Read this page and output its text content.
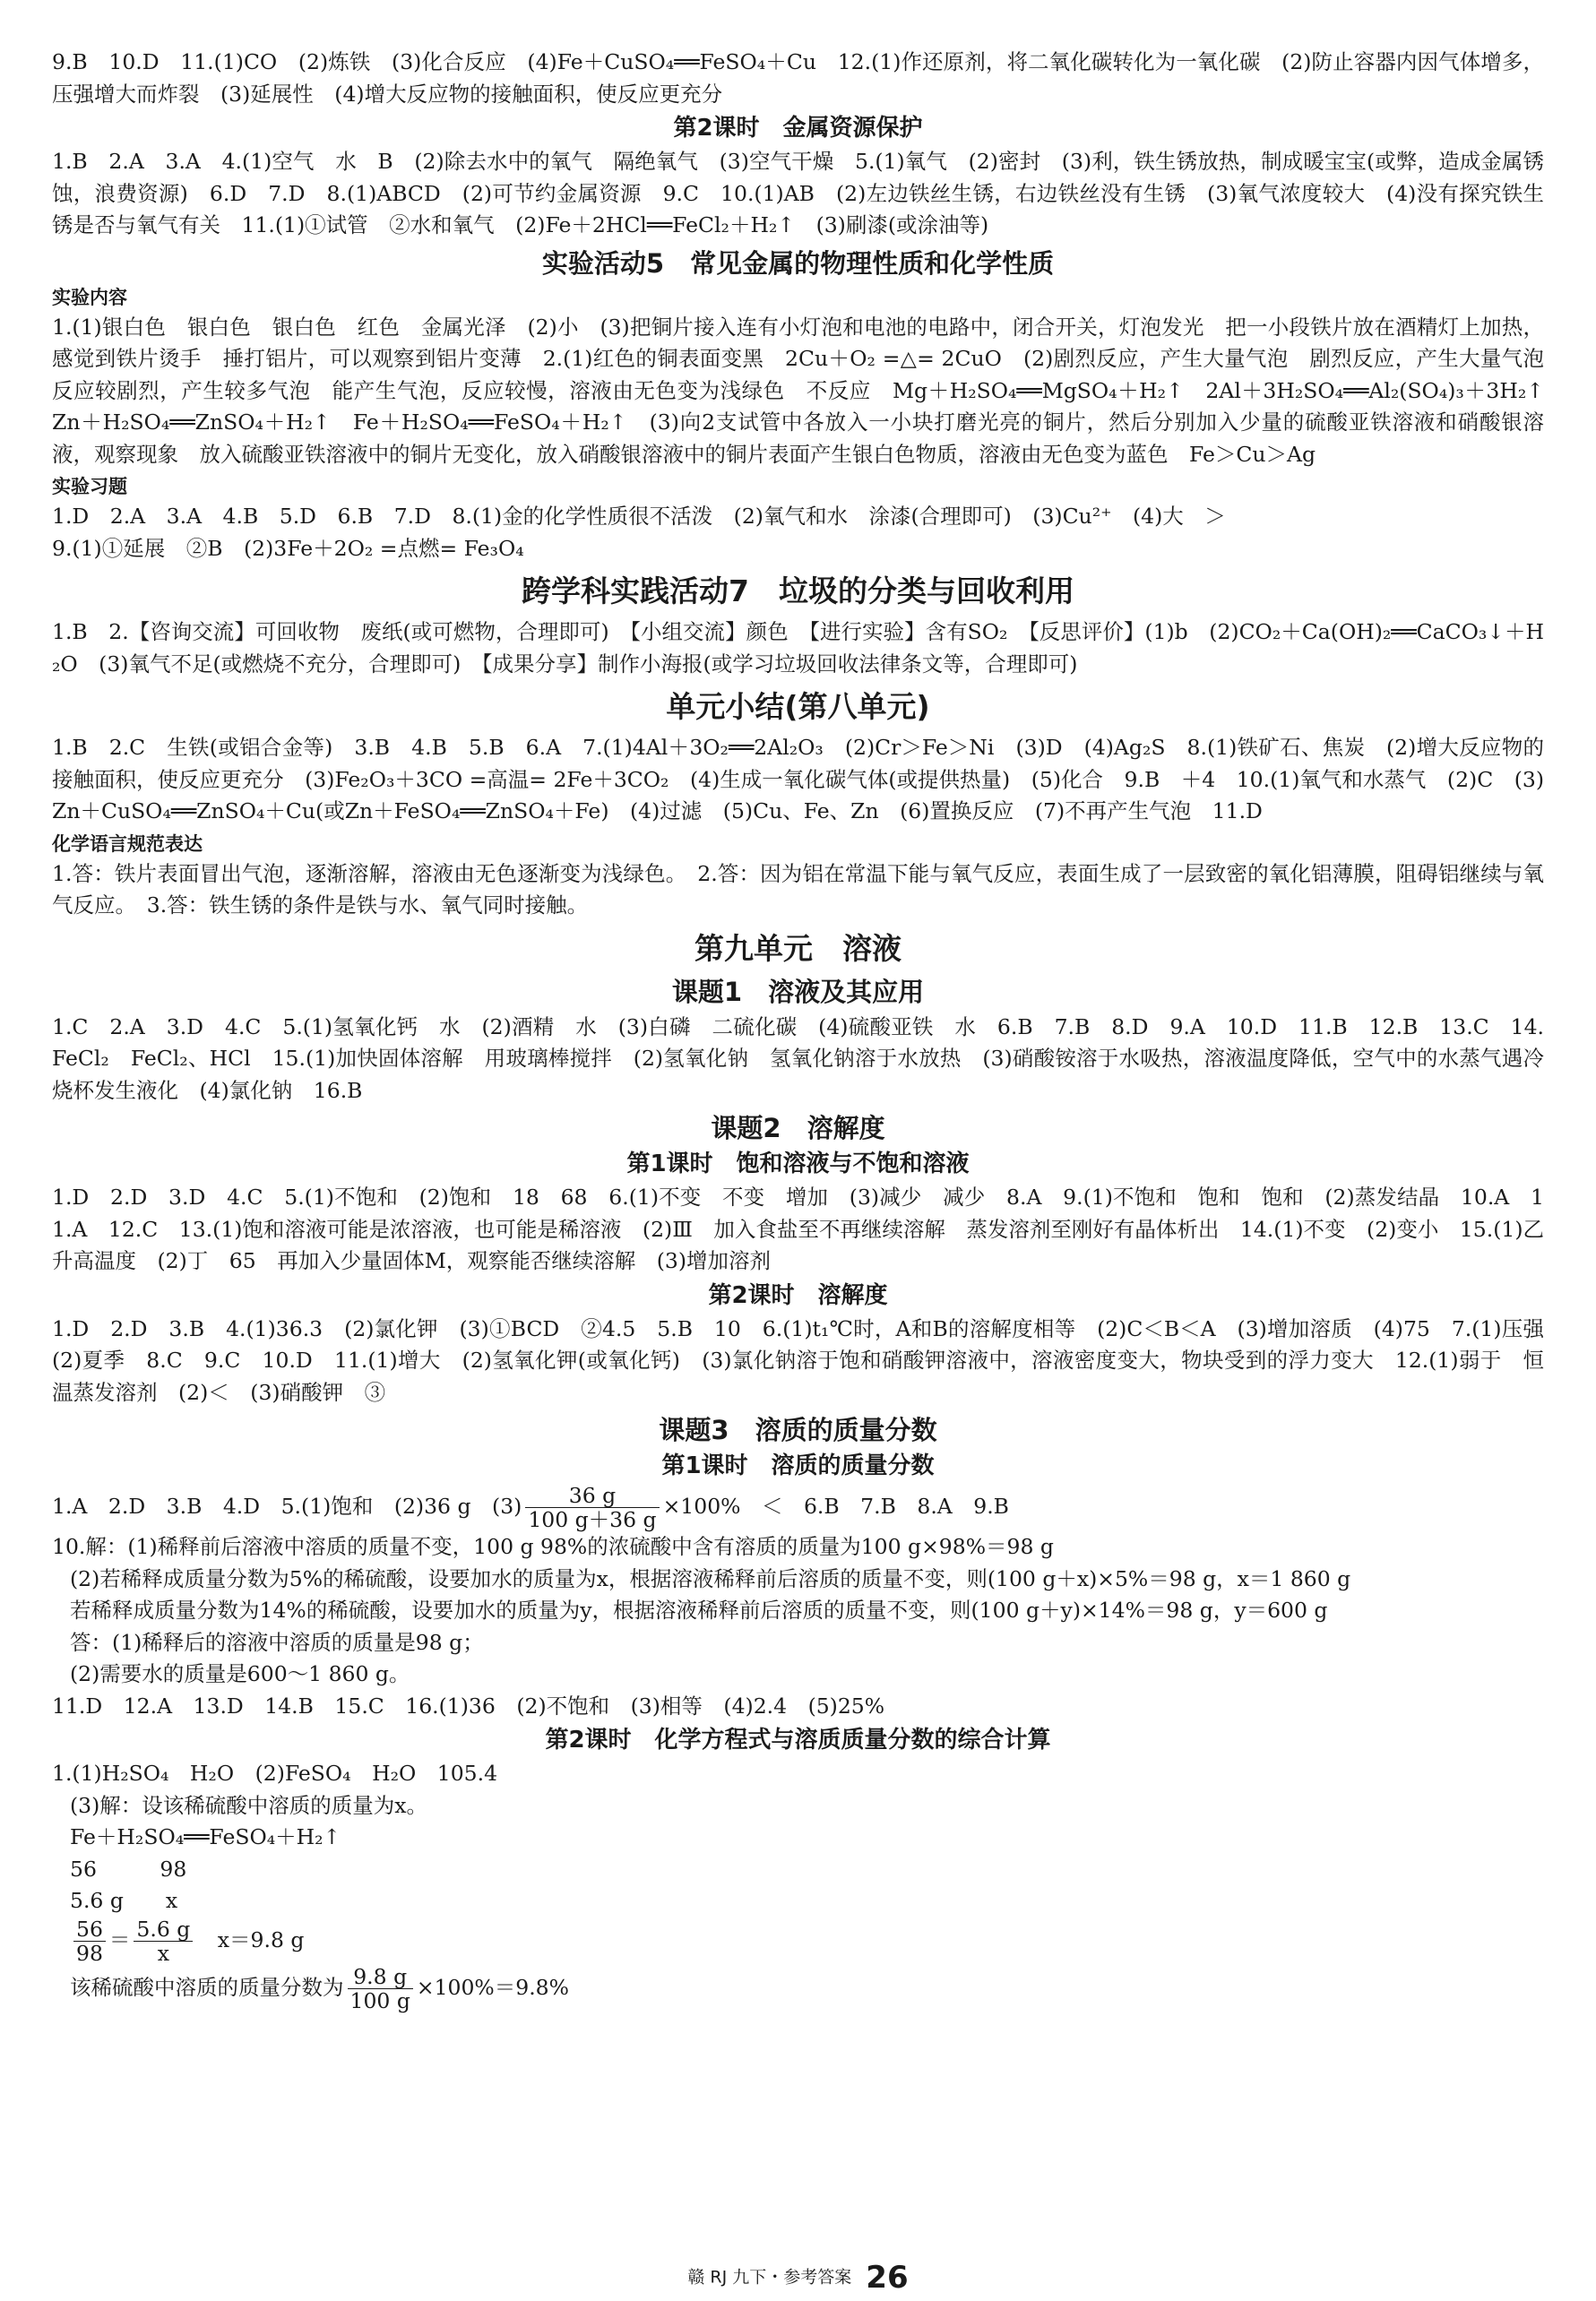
9.B　10.D　11.(1)CO　(2)炼铁　(3)化合反应　(4)Fe＋CuSO₄══FeSO₄＋Cu　12.(1)作还原剂，将二氧化碳转化为一氧化碳　(2)防止容器内因气体增多，压强增大而炸裂　(3)延展性　(4)增大反应物的接触面积，使反应更充分

第2课时　金属资源保护

1.B　2.A　3.A　4.(1)空气　水　B　(2)除去水中的氧气　隔绝氧气　(3)空气干燥　5.(1)氧气　(2)密封　(3)利，铁生锈放热，制成暖宝宝(或弊，造成金属锈蚀，浪费资源)　6.D　7.D　8.(1)ABCD　(2)可节约金属资源　9.C　10.(1)AB　(2)左边铁丝生锈，右边铁丝没有生锈　(3)氧气浓度较大　(4)没有探究铁生锈是否与氧气有关　11.(1)①试管　②水和氧气　(2)Fe＋2HCl══FeCl₂＋H₂↑　(3)刷漆(或涂油等)

实验活动5　常见金属的物理性质和化学性质
实验内容

1.(1)银白色　银白色　银白色　红色　金属光泽　(2)小　(3)把铜片接入连有小灯泡和电池的电路中，闭合开关，灯泡发光　把一小段铁片放在酒精灯上加热，感觉到铁片烫手　捶打铝片，可以观察到铝片变薄　2.(1)红色的铜表面变黑　2Cu＋O₂ =△= 2CuO　(2)剧烈反应，产生大量气泡　剧烈反应，产生大量气泡　反应较剧烈，产生较多气泡　能产生气泡，反应较慢，溶液由无色变为浅绿色　不反应　Mg＋H₂SO₄══MgSO₄＋H₂↑　2Al＋3H₂SO₄══Al₂(SO₄)₃＋3H₂↑　Zn＋H₂SO₄══ZnSO₄＋H₂↑　Fe＋H₂SO₄══FeSO₄＋H₂↑　(3)向2支试管中各放入一小块打磨光亮的铜片，然后分别加入少量的硫酸亚铁溶液和硝酸银溶液，观察现象　放入硫酸亚铁溶液中的铜片无变化，放入硝酸银溶液中的铜片表面产生银白色物质，溶液由无色变为蓝色　Fe＞Cu＞Ag

实验习题

1.D　2.A　3.A　4.B　5.D　6.B　7.D　8.(1)金的化学性质很不活泼　(2)氧气和水　涂漆(合理即可)　(3)Cu²⁺　(4)大　＞

9.(1)①延展　②B　(2)3Fe＋2O₂ =点燃= Fe₃O₄

跨学科实践活动7　垃圾的分类与回收利用

1.B　2.【咨询交流】可回收物　废纸(或可燃物，合理即可)　【小组交流】颜色　【进行实验】含有SO₂　【反思评价】(1)b　(2)CO₂＋Ca(OH)₂══CaCO₃↓＋H₂O　(3)氧气不足(或燃烧不充分，合理即可)　【成果分享】制作小海报(或学习垃圾回收法律条文等，合理即可)

单元小结(第八单元)

1.B　2.C　生铁(或铝合金等)　3.B　4.B　5.B　6.A　7.(1)4Al＋3O₂══2Al₂O₃　(2)Cr＞Fe＞Ni　(3)D　(4)Ag₂S　8.(1)铁矿石、焦炭　(2)增大反应物的接触面积，使反应更充分　(3)Fe₂O₃＋3CO =高温= 2Fe＋3CO₂　(4)生成一氧化碳气体(或提供热量)　(5)化合　9.B　＋4　10.(1)氧气和水蒸气　(2)C　(3)Zn＋CuSO₄══ZnSO₄＋Cu(或Zn＋FeSO₄══ZnSO₄＋Fe)　(4)过滤　(5)Cu、Fe、Zn　(6)置换反应　(7)不再产生气泡　11.D

化学语言规范表达

1.答：铁片表面冒出气泡，逐渐溶解，溶液由无色逐渐变为浅绿色。　2.答：因为铝在常温下能与氧气反应，表面生成了一层致密的氧化铝薄膜，阻碍铝继续与氧气反应。　3.答：铁生锈的条件是铁与水、氧气同时接触。

第九单元　溶液
课题1　溶液及其应用

1.C　2.A　3.D　4.C　5.(1)氢氧化钙　水　(2)酒精　水　(3)白磷　二硫化碳　(4)硫酸亚铁　水　6.B　7.B　8.D　9.A　10.D　11.B　12.B　13.C　14.FeCl₂　FeCl₂、HCl　15.(1)加快固体溶解　用玻璃棒搅拌　(2)氢氧化钠　氢氧化钠溶于水放热　(3)硝酸铵溶于水吸热，溶液温度降低，空气中的水蒸气遇冷烧杯发生液化　(4)氯化钠　16.B

课题2　溶解度
第1课时　饱和溶液与不饱和溶液

1.D　2.D　3.D　4.C　5.(1)不饱和　(2)饱和　18　68　6.(1)不变　不变　增加　(3)减少　减少　8.A　9.(1)不饱和　饱和　饱和　(2)蒸发结晶　10.A　11.A　12.C　13.(1)饱和溶液可能是浓溶液，也可能是稀溶液　(2)Ⅲ　加入食盐至不再继续溶解　蒸发溶剂至刚好有晶体析出　14.(1)不变　(2)变小　15.(1)乙　升高温度　(2)丁　65　再加入少量固体M，观察能否继续溶解　(3)增加溶剂

第2课时　溶解度

1.D　2.D　3.B　4.(1)36.3　(2)氯化钾　(3)①BCD　②4.5　5.B　10　6.(1)t₁℃时，A和B的溶解度相等　(2)C＜B＜A　(3)增加溶质　(4)75　7.(1)压强　(2)夏季　8.C　9.C　10.D　11.(1)增大　(2)氢氧化钾(或氧化钙)　(3)氯化钠溶于饱和硝酸钾溶液中，溶液密度变大，物块受到的浮力变大　12.(1)弱于　恒温蒸发溶剂　(2)＜　(3)硝酸钾　③

课题3　溶质的质量分数
第1课时　溶质的质量分数

1.A　2.D　3.B　4.D　5.(1)饱和　(2)36 g　$(3) \frac{36 g}{100 g+36 g} \times 100\%$　＜　6.B　7.B　8.A　9.B

10.解：(1)稀释前后溶液中溶质的质量不变，100 g 98%的浓硫酸中含有溶质的质量为100 g×98%＝98 g

(2)若稀释成质量分数为5%的稀硫酸，设要加水的质量为x，根据溶液稀释前后溶质的质量不变，则(100 g＋x)×5%＝98 g，x＝1 860 g

若稀释成质量分数为14%的稀硫酸，设要加水的质量为y，根据溶液稀释前后溶质的质量不变，则(100 g＋y)×14%＝98 g，y＝600 g

答：(1)稀释后的溶液中溶质的质量是98 g；

(2)需要水的质量是600～1 860 g。

11.D　12.A　13.D　14.B　15.C　16.(1)36　(2)不饱和　(3)相等　(4)2.4　(5)25%

第2课时　化学方程式与溶质质量分数的综合计算

1.(1)H₂SO₄　H₂O　(2)FeSO₄　H₂O　105.4

(3)解：设该稀硫酸中溶质的质量为x。

Fe＋H₂SO₄══FeSO₄＋H₂↑

56　　　98

5.6 g　　x

$\frac{56}{98} = \frac{5.6 g}{x}$ 　x＝9.8 g

该稀硫酸中溶质的质量分数为 $\frac{9.8 g}{100 g} \times 100\%=9.8\%$

赣 RJ 九下・参考答案 26
